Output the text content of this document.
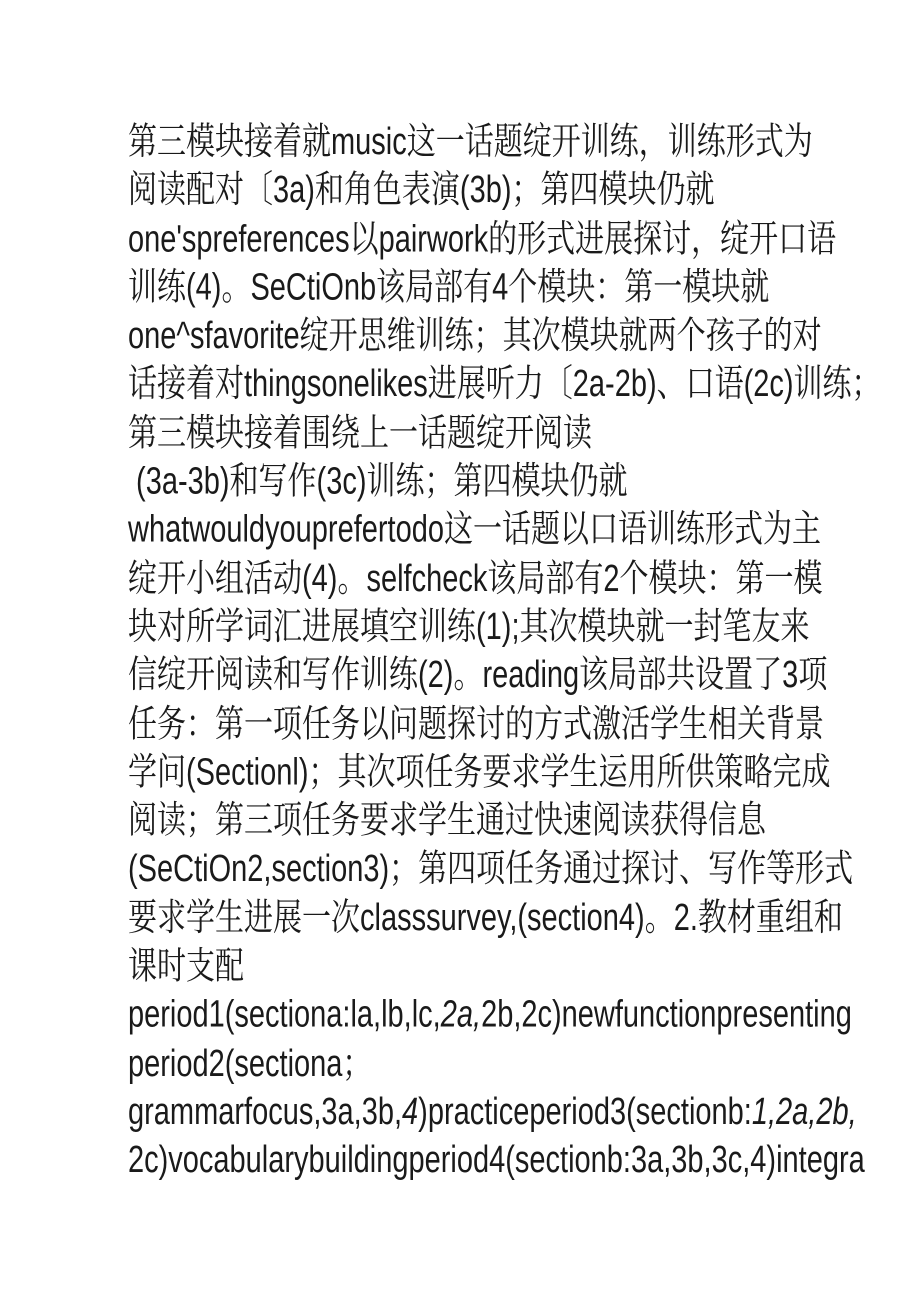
第三模块接着就music这一话题绽开训练，训练形式为
阅读配对〔3a)和角色表演(3b)；第四模块仍就
one'spreferences以pairwork的形式进展探讨，绽开口语
训练(4)。SeCtiOnb该局部有4个模块：第一模块就
one^sfavorite绽开思维训练；其次模块就两个孩子的对
话接着对thingsonelikes进展听力〔2a-2b)、口语(2c)训练；
第三模块接着围绕上一话题绽开阅读
(3a-3b)和写作(3c)训练；第四模块仍就
whatwouldyouprefertodo这一话题以口语训练形式为主
绽开小组活动(4)。selfcheck该局部有2个模块：第一模
块对所学词汇进展填空训练(1);其次模块就一封笔友来
信绽开阅读和写作训练(2)。reading该局部共设置了3项
任务：第一项任务以问题探讨的方式激活学生相关背景
学问(Sectionl)；其次项任务要求学生运用所供策略完成
阅读；第三项任务要求学生通过快速阅读获得信息
(SeCtiOn2,section3)；第四项任务通过探讨、写作等形式
要求学生进展一次classsurvey,(section4)。2.教材重组和
课时支配
period1(sectiona:la,lb,lc,2a,2b,2c)newfunctionpresenting
period2(sectiona；
grammarfocus,3a,3b,4)practiceperiod3(sectionb:1,2a,2b,
2c)vocabularybuildingperiod4(sectionb:3a,3b,3c,4)integra
